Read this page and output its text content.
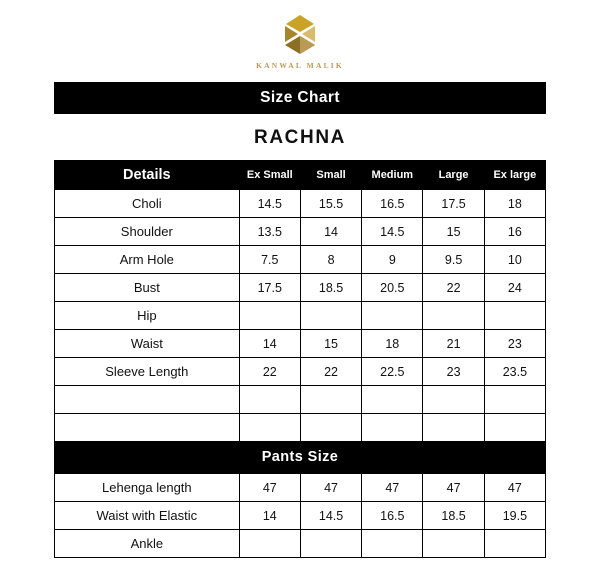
KANWAL MALIK
Size Chart
RACHNA
Details	Ex Small	Small	Medium	Large	Ex large
Choli	14.5	15.5	16.5	17.5	18
Shoulder	13.5	14	14.5	15	16
Arm Hole	7.5	8	9	9.5	10
Bust	17.5	18.5	20.5	22	24
Hip					
Waist	14	15	18	21	23
Sleeve Length	22	22	22.5	23	23.5

Pants Size
Lehenga length	47	47	47	47	47
Waist with Elastic	14	14.5	16.5	18.5	19.5
Ankle					
